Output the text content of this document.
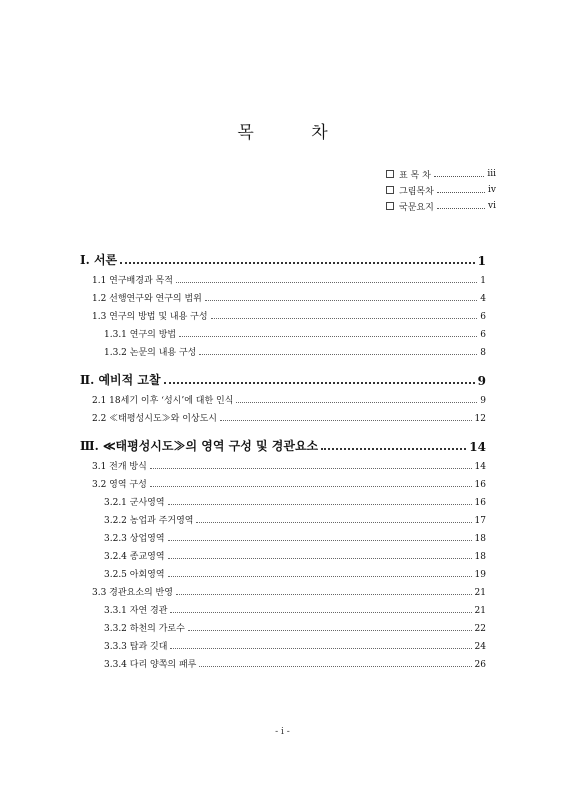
목 차
표 목 차	iii
그림목차	iv
국문요지	vi
Ⅰ. 서론	1
1.1 연구배경과 목적	1
1.2 선행연구와 연구의 범위	4
1.3 연구의 방법 및 내용 구성	6
1.3.1 연구의 방법	6
1.3.2 논문의 내용 구성	8
Ⅱ. 예비적 고찰	9
2.1 18세기 이후 ‘성시’에 대한 인식	9
2.2 ≪태평성시도≫와 이상도시	12
Ⅲ. ≪태평성시도≫의 영역 구성 및 경관요소	14
3.1 전개 방식	14
3.2 영역 구성	16
3.2.1 군사영역	16
3.2.2 농업과 주거영역	17
3.2.3 상업영역	18
3.2.4 종교영역	18
3.2.5 아회영역	19
3.3 경관요소의 반영	21
3.3.1 자연 경관	21
3.3.2 하천의 가로수	22
3.3.3 탑과 깃대	24
3.3.4 다리 양쪽의 패루	26
- i -
